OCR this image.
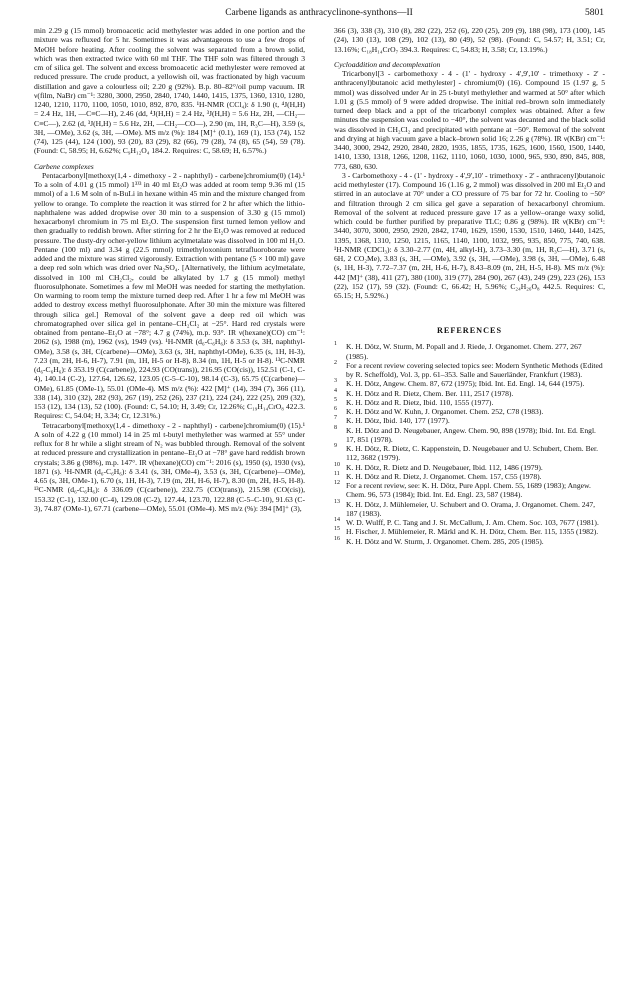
Carbene ligands as anthracyclinone-synthons—II	5801

min 2.29 g (15 mmol) bromoacetic acid methylester was added in one portion and the mixture was refluxed for 5 hr. Sometimes it was advantageous to use a few drops of MeOH before heating. After cooling the solvent was separated from a brown solid, which was then extracted twice with 60 ml THF. The THF soln was filtered through 3 cm of silica gel. The solvent and excess bromoacetic acid methylester were removed at reduced pressure. The crude product, a yellowish oil, was fractionated by high vacuum distillation and gave a colourless oil; 2.20 g (92%). B.p. 80–82°/oil pump vacuum. IR ν(film, NaBr) cm⁻¹: 3280, 3000, 2950, 2840, 1740, 1440, 1415, 1375, 1360, 1310, 1280, 1240, 1210, 1170, 1100, 1050, 1010, 892, 870, 835. ¹H-NMR (CCl₄): δ 1.90 (t, ⁴J(H,H) = 2.4 Hz, 1H, —C≡C—H), 2.46 (dd, ⁴J(H,H) = 2.4 Hz, ³J(H,H) = 5.6 Hz, 2H, —CH₂—C≡C—), 2.62 (d, ³J(H,H) = 5.6 Hz, 2H, —CH₂—CO—), 2.90 (m, 1H, R₃C—H), 3.59 (s, 3H, —OMe), 3.62 (s, 3H, —OMe). MS m/z (%): 184 [M]⁺ (0.1), 169 (1), 153 (74), 152 (74), 125 (44), 124 (100), 93 (20), 83 (29), 82 (66), 79 (28), 74 (8), 65 (54), 59 (78). (Found: C, 58.95; H, 6.62%; C₉H₁₂O₄ 184.2. Requires: C, 58.69; H, 6.57%.)

Carbene complexes

Pentacarbonyl[methoxy(1,4 - dimethoxy - 2 - naphthyl) - carbene]chromium(0) (14).¹ To a soln of 4.01 g (15 mmol) 1³⁾³ in 40 ml Et₂O was added at room temp 9.36 ml (15 mmol) of a 1.6 M soln of n-BuLi in hexane within 45 min and the mixture changed from yellow to orange. To complete the reaction it was stirred for 2 hr after which the lithio-naphthalene was added dropwise over 30 min to a suspension of 3.30 g (15 mmol) hexacarbonyl chromium in 75 ml Et₂O. The suspension first turned lemon yellow and then gradually to reddish brown. After stirring for 2 hr the Et₂O was removed at reduced pressure. The dusty-dry ocher-yellow lithium acylmetalate was dissolved in 100 ml H₂O. Pentane (100 ml) and 3.34 g (22.5 mmol) trimethyloxonium tetrafluoroborate were added and the mixture was stirred vigorously. Extraction with pentane (5 × 100 ml) gave a deep red soln which was dried over Na₂SO₄. [Alternatively, the lithium acylmetalate, dissolved in 100 ml CH₂Cl₂, could be alkylated by 1.7 g (15 mmol) methyl fluorosulphonate. Sometimes a few ml MeOH was needed for starting the methylation. On warming to room temp the mixture turned deep red. After 1 hr a few ml MeOH was added to destroy excess methyl fluorosulphonate. After 30 min the mixture was filtered through silica gel.] Removal of the solvent gave a deep red oil which was chromatographed over silica gel in pentane–CH₂Cl₂ at −25°. Hard red crystals were obtained from pentane–Et₂O at −78°; 4.7 g (74%), m.p. 93°. IR ν(hexane)(CO) cm⁻¹: 2062 (s), 1988 (m), 1962 (vs), 1949 (vs). ¹H-NMR (d₆-C₆H₆): δ 3.53 (s, 3H, naphthyl-OMe), 3.58 (s, 3H, C(carbene)—OMe), 3.63 (s, 3H, naphthyl-OMe), 6.35 (s, 1H, H-3), 7.23 (m, 2H, H-6, H-7), 7.91 (m, 1H, H-5 or H-8), 8.34 (m, 1H, H-5 or H-8). ¹³C-NMR (d₆-C₆H₆): δ 353.19 (C(carbene)), 224.93 (CO(trans)), 216.95 (CO(cis)), 152.51 (C-1, C-4), 140.14 (C-2), 127.64, 126.62, 123.05 (C-5–C-10), 98.14 (C-3), 65.75 (C(carbene)—OMe), 61.85 (OMe-1), 55.01 (OMe-4). MS m/z (%): 422 [M]⁺ (14), 394 (7), 366 (11), 338 (14), 310 (32), 282 (93), 267 (19), 252 (26), 237 (21), 224 (24), 222 (25), 209 (32), 153 (12), 134 (13), 52 (100). (Found: C, 54.10; H, 3.49; Cr, 12.26%; C₁₉H₁₄CrO₈ 422.3. Requires: C, 54.04; H, 3.34; Cr, 12.31%.)

Tetracarbonyl[methoxy(1,4 - dimethoxy - 2 - naphthyl) - carbene]chromium(0) (15).¹ A soln of 4.22 g (10 mmol) 14 in 25 ml t-butyl methylether was warmed at 55° under reflux for 8 hr while a slight stream of N₂ was bubbled through. Removal of the solvent at reduced pressure and crystallization in pentane–Et₂O at −78° gave hard reddish brown crystals; 3.86 g (98%), m.p. 147°. IR ν(hexane)(CO) cm⁻¹: 2016 (s), 1950 (s), 1930 (vs), 1871 (s). ¹H-NMR (d₆-C₆H₆): δ 3.41 (s, 3H, OMe-4), 3.53 (s, 3H, C(carbene)—OMe), 4.65 (s, 3H, OMe-1), 6.70 (s, 1H, H-3), 7.19 (m, 2H, H-6, H-7), 8.30 (m, 2H, H-5, H-8). ¹³C-NMR (d₆-C₆H₆): δ 336.09 (C(carbene)), 232.75 (CO(trans)), 215.98 (CO(cis)), 153.32 (C-1), 132.00 (C-4), 129.08 (C-2), 127.44, 123.70, 122.88 (C-5–C-10), 91.63 (C-3), 74.87 (OMe-1), 67.71 (carbene—OMe), 55.01 (OMe-4). MS m/z (%): 394 [M]⁺ (3),

366 (3), 338 (3), 310 (8), 282 (22), 252 (6), 220 (25), 209 (9), 188 (98), 173 (100), 145 (24), 130 (13), 108 (29), 102 (13), 80 (49), 52 (98). (Found: C, 54.57; H, 3.51; Cr, 13.16%; C₁₈H₁₄CrO₇ 394.3. Requires: C, 54.83; H, 3.58; Cr, 13.19%.)

Cycloaddition and decomplexation

Tricarbonyl[3 - carbomethoxy - 4 - (1' - hydroxy - 4',9',10' - trimethoxy - 2' - anthracenyl)butanoic acid methylester] - chromium(0) (16). Compound 15 (1.97 g, 5 mmol) was dissolved under Ar in 25 t-butyl methylether and warmed at 50° after which 1.01 g (5.5 mmol) of 9 were added dropwise. The initial red–brown soln immediately turned deep black and a ppt of the tricarbonyl complex was obtained. After a few minutes the suspension was cooled to −40°, the solvent was decanted and the black solid was dissolved in CH₂Cl₂ and precipitated with pentane at −50°. Removal of the solvent and drying at high vacuum gave a black–brown solid 16; 2.26 g (78%). IR ν(KBr) cm⁻¹: 3440, 3000, 2942, 2920, 2840, 2820, 1935, 1855, 1735, 1625, 1600, 1560, 1500, 1440, 1410, 1330, 1318, 1266, 1208, 1162, 1110, 1060, 1030, 1000, 965, 930, 890, 845, 808, 773, 680, 630.

3 - Carbomethoxy - 4 - (1' - hydroxy - 4',9',10' - trimethoxy - 2' - anthracenyl)butanoic acid methylester (17). Compound 16 (1.16 g, 2 mmol) was dissolved in 200 ml Et₂O and stirred in an autoclave at 70° under a CO pressure of 75 bar for 72 hr. Cooling to −50° and filtration through 2 cm silica gel gave a separation of hexacarbonyl chromium. Removal of the solvent at reduced pressure gave 17 as a yellow–orange waxy solid, which could be further purified by preparative TLC; 0.86 g (98%). IR ν(KBr) cm⁻¹: 3440, 3070, 3000, 2950, 2920, 2842, 1740, 1629, 1590, 1530, 1510, 1460, 1440, 1425, 1395, 1368, 1310, 1250, 1215, 1165, 1140, 1100, 1032, 995, 935, 850, 775, 740, 638. ¹H-NMR (CDCl₃): δ 3.30–2.77 (m, 4H, alkyl-H), 3.73–3.30 (m, 1H, R₃C—H), 3.71 (s, 6H, 2 CO₂Me), 3.83 (s, 3H, —OMe), 3.92 (s, 3H, —OMe), 3.98 (s, 3H, —OMe), 6.48 (s, 1H, H-3), 7.72–7.37 (m, 2H, H-6, H-7), 8.43–8.09 (m, 2H, H-5, H-8). MS m/z (%): 442 [M]⁺ (38), 411 (27), 380 (100), 319 (77), 284 (90), 267 (43), 249 (29), 223 (26), 153 (22), 152 (17), 59 (32). (Found: C, 66.42; H, 5.96%; C₂₄H₂₆O₈ 442.5. Requires: C, 65.15; H, 5.92%.)

REFERENCES
1 K. H. Dötz, W. Sturm, M. Popall and J. Riede, J. Organomet. Chem. 277, 267 (1985).
2 For a recent review covering selected topics see: Modern Synthetic Methods (Edited by R. Scheffold), Vol. 3, pp. 61–353. Salle and Sauerländer, Frankfurt (1983).
3 K. H. Dötz, Angew. Chem. 87, 672 (1975); Ibid. Int. Ed. Engl. 14, 644 (1975).
4 K. H. Dötz and R. Dietz, Chem. Ber. 111, 2517 (1978).
5 K. H. Dötz and R. Dietz, Ibid. 110, 1555 (1977).
6 K. H. Dötz and W. Kuhn, J. Organomet. Chem. 252, C78 (1983).
7 K. H. Dötz, Ibid. 140, 177 (1977).
8 K. H. Dötz and D. Neugebauer, Angew. Chem. 90, 898 (1978); Ibid. Int. Ed. Engl. 17, 851 (1978).
9 K. H. Dötz, R. Dietz, C. Kappenstein, D. Neugebauer and U. Schubert, Chem. Ber. 112, 3682 (1979).
10 K. H. Dötz, R. Dietz and D. Neugebauer, Ibid. 112, 1486 (1979).
11 K. H. Dötz and R. Dietz, J. Organomet. Chem. 157, C55 (1978).
12 For a recent review, see: K. H. Dötz, Pure Appl. Chem. 55, 1689 (1983); Angew. Chem. 96, 573 (1984); Ibid. Int. Ed. Engl. 23, 587 (1984).
13 K. H. Dötz, J. Mühlemeier, U. Schubert and O. Orama, J. Organomet. Chem. 247, 187 (1983).
14 W. D. Wulff, P. C. Tang and J. St. McCallum, J. Am. Chem. Soc. 103, 7677 (1981).
15 H. Fischer, J. Mühlemeier, R. Märkl and K. H. Dötz, Chem. Ber. 115, 1355 (1982).
16 K. H. Dötz and W. Sturm, J. Organomet. Chem. 285, 205 (1985).
